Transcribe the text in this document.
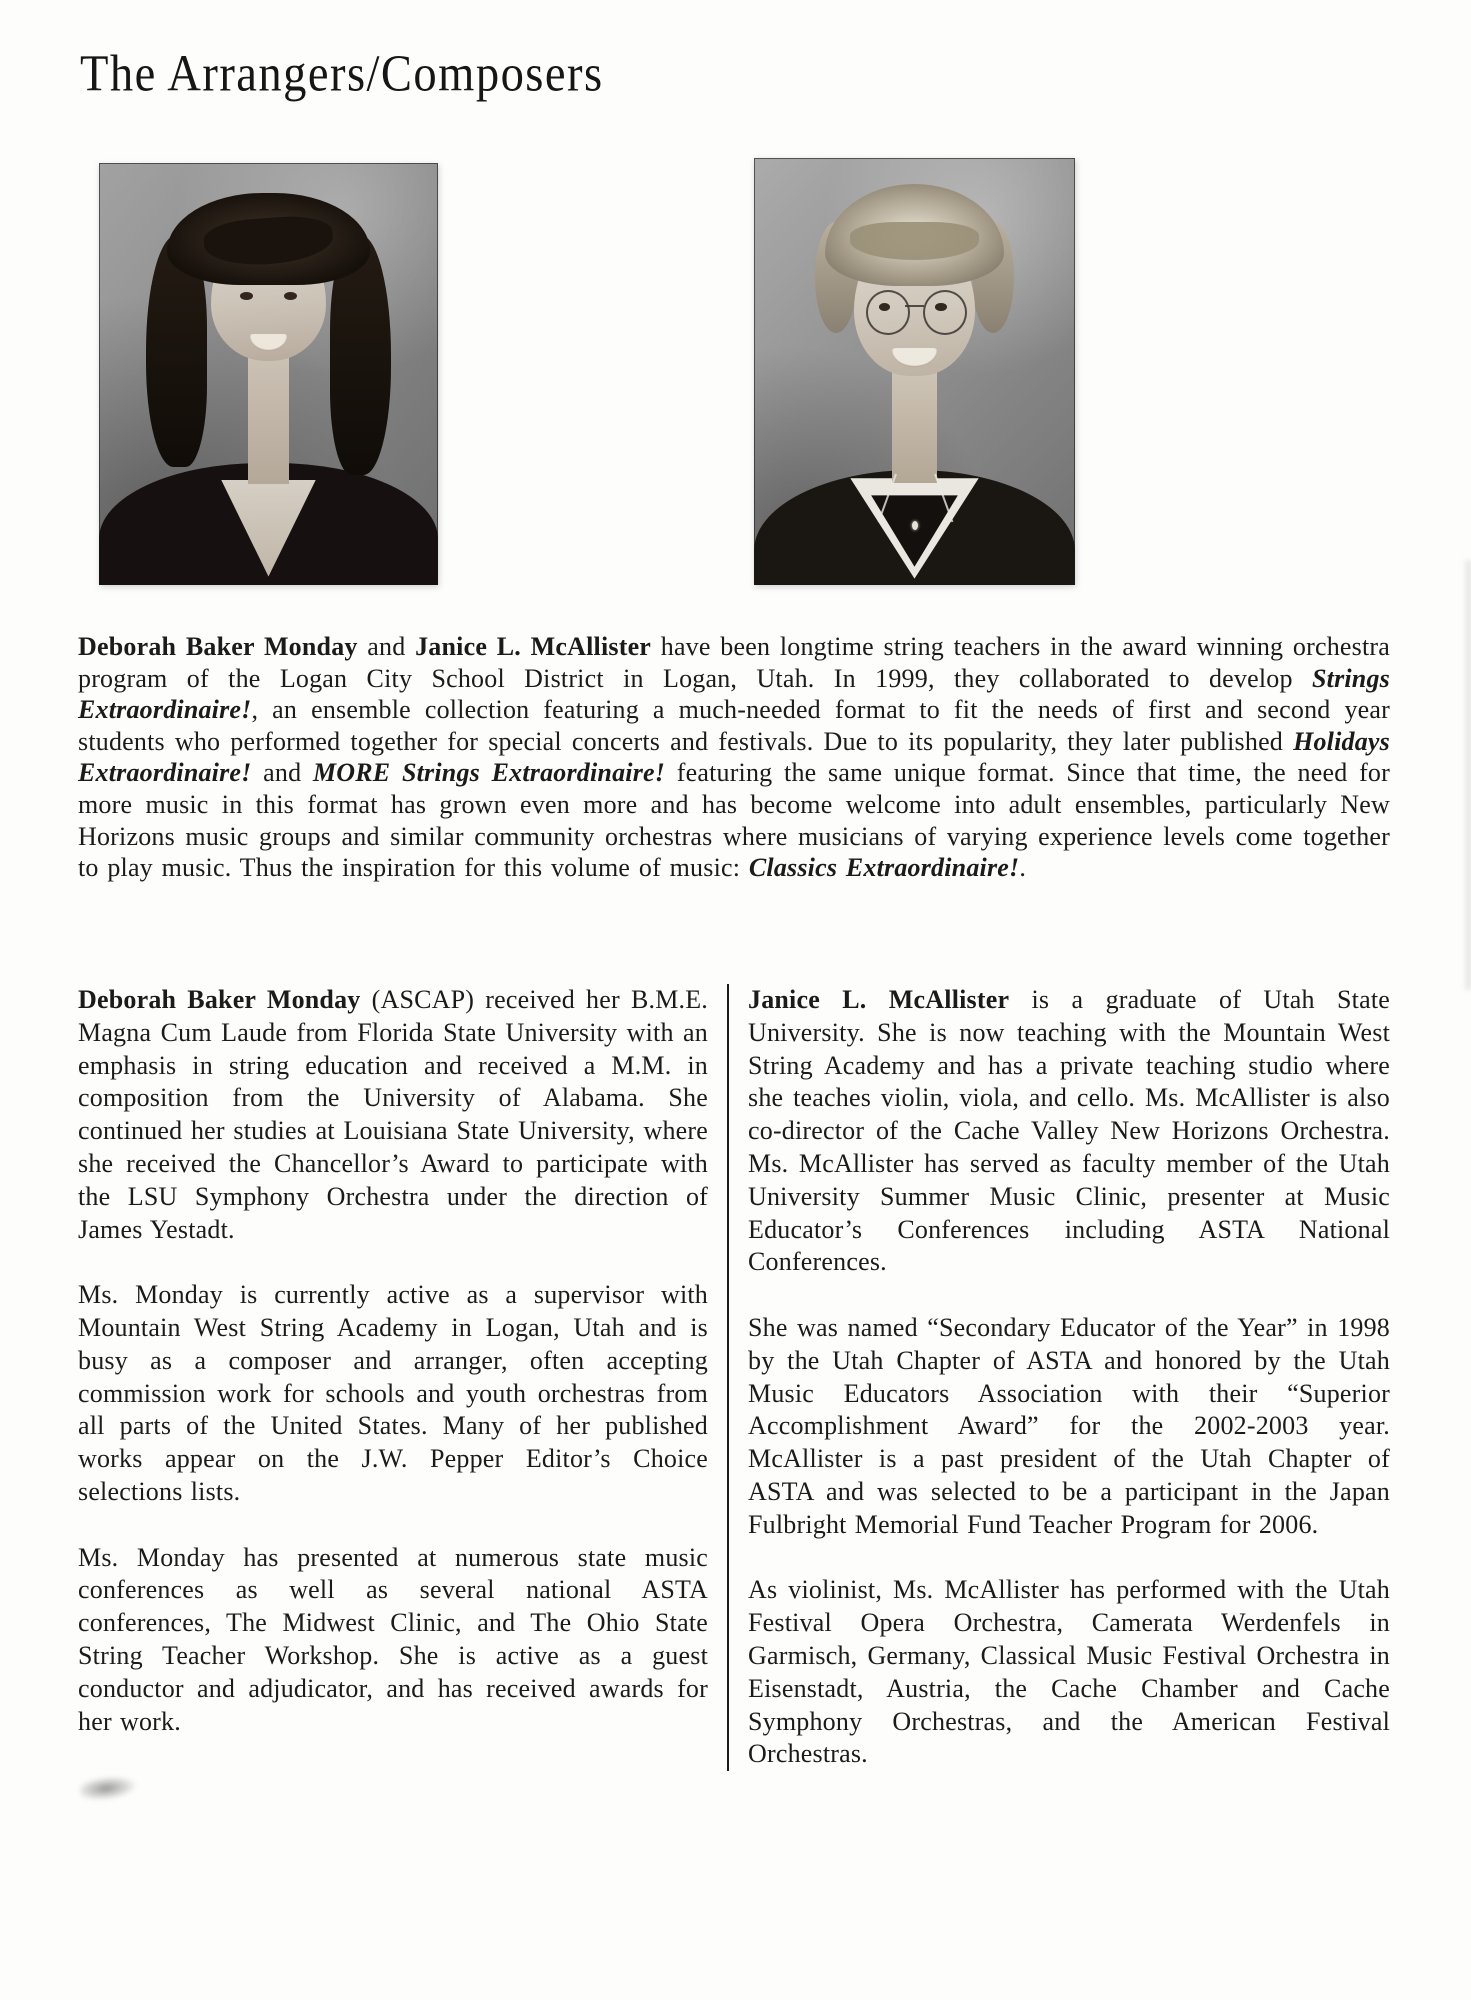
The Arrangers/Composers

Deborah Baker Monday and Janice L. McAllister have been longtime string teachers in the award winning orchestra program of the Logan City School District in Logan, Utah. In 1999, they collaborated to develop Strings Extraordinaire!, an ensemble collection featuring a much-needed format to fit the needs of first and second year students who performed together for special concerts and festivals. Due to its popularity, they later published Holidays Extraordinaire! and MORE Strings Extraordinaire! featuring the same unique format. Since that time, the need for more music in this format has grown even more and has become welcome into adult ensembles, particularly New Horizons music groups and similar community orchestras where musicians of varying experience levels come together to play music. Thus the inspiration for this volume of music: Classics Extraordinaire!.

Deborah Baker Monday (ASCAP) received her B.M.E. Magna Cum Laude from Florida State University with an emphasis in string education and received a M.M. in composition from the University of Alabama. She continued her studies at Louisiana State University, where she received the Chancellor’s Award to participate with the LSU Symphony Orchestra under the direction of James Yestadt.

Ms. Monday is currently active as a supervisor with Mountain West String Academy in Logan, Utah and is busy as a composer and arranger, often accepting commission work for schools and youth orchestras from all parts of the United States. Many of her published works appear on the J.W. Pepper Editor’s Choice selections lists.

Ms. Monday has presented at numerous state music conferences as well as several national ASTA conferences, The Midwest Clinic, and The Ohio State String Teacher Workshop. She is active as a guest conductor and adjudicator, and has received awards for her work.

Janice L. McAllister is a graduate of Utah State University. She is now teaching with the Mountain West String Academy and has a private teaching studio where she teaches violin, viola, and cello. Ms. McAllister is also co-director of the Cache Valley New Horizons Orchestra. Ms. McAllister has served as faculty member of the Utah University Summer Music Clinic, presenter at Music Educator’s Conferences including ASTA National Conferences.

She was named “Secondary Educator of the Year” in 1998 by the Utah Chapter of ASTA and honored by the Utah Music Educators Association with their “Superior Accomplishment Award” for the 2002-2003 year. McAllister is a past president of the Utah Chapter of ASTA and was selected to be a participant in the Japan Fulbright Memorial Fund Teacher Program for 2006.

As violinist, Ms. McAllister has performed with the Utah Festival Opera Orchestra, Camerata Werdenfels in Garmisch, Germany, Classical Music Festival Orchestra in Eisenstadt, Austria, the Cache Chamber and Cache Symphony Orchestras, and the American Festival Orchestras.
